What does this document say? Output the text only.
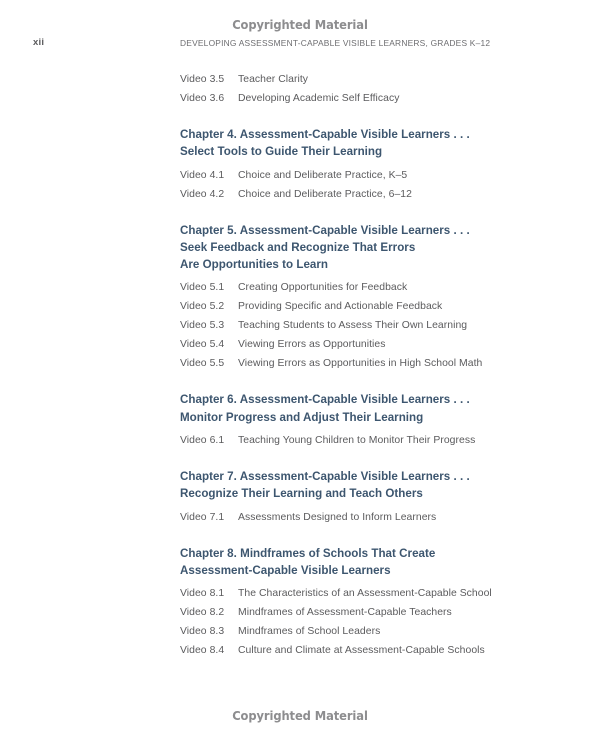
Copyrighted Material
xii	DEVELOPING ASSESSMENT-CAPABLE VISIBLE LEARNERS, GRADES K–12
Video 3.5	Teacher Clarity
Video 3.6	Developing Academic Self Efficacy
Chapter 4. Assessment-Capable Visible Learners . . .
Select Tools to Guide Their Learning
Video 4.1	Choice and Deliberate Practice, K–5
Video 4.2	Choice and Deliberate Practice, 6–12
Chapter 5. Assessment-Capable Visible Learners . . .
Seek Feedback and Recognize That Errors
Are Opportunities to Learn
Video 5.1	Creating Opportunities for Feedback
Video 5.2	Providing Specific and Actionable Feedback
Video 5.3	Teaching Students to Assess Their Own Learning
Video 5.4	Viewing Errors as Opportunities
Video 5.5	Viewing Errors as Opportunities in High School Math
Chapter 6. Assessment-Capable Visible Learners . . .
Monitor Progress and Adjust Their Learning
Video 6.1	Teaching Young Children to Monitor Their Progress
Chapter 7. Assessment-Capable Visible Learners . . .
Recognize Their Learning and Teach Others
Video 7.1	Assessments Designed to Inform Learners
Chapter 8. Mindframes of Schools That Create
Assessment-Capable Visible Learners
Video 8.1	The Characteristics of an Assessment-Capable School
Video 8.2	Mindframes of Assessment-Capable Teachers
Video 8.3	Mindframes of School Leaders
Video 8.4	Culture and Climate at Assessment-Capable Schools
Copyrighted Material
